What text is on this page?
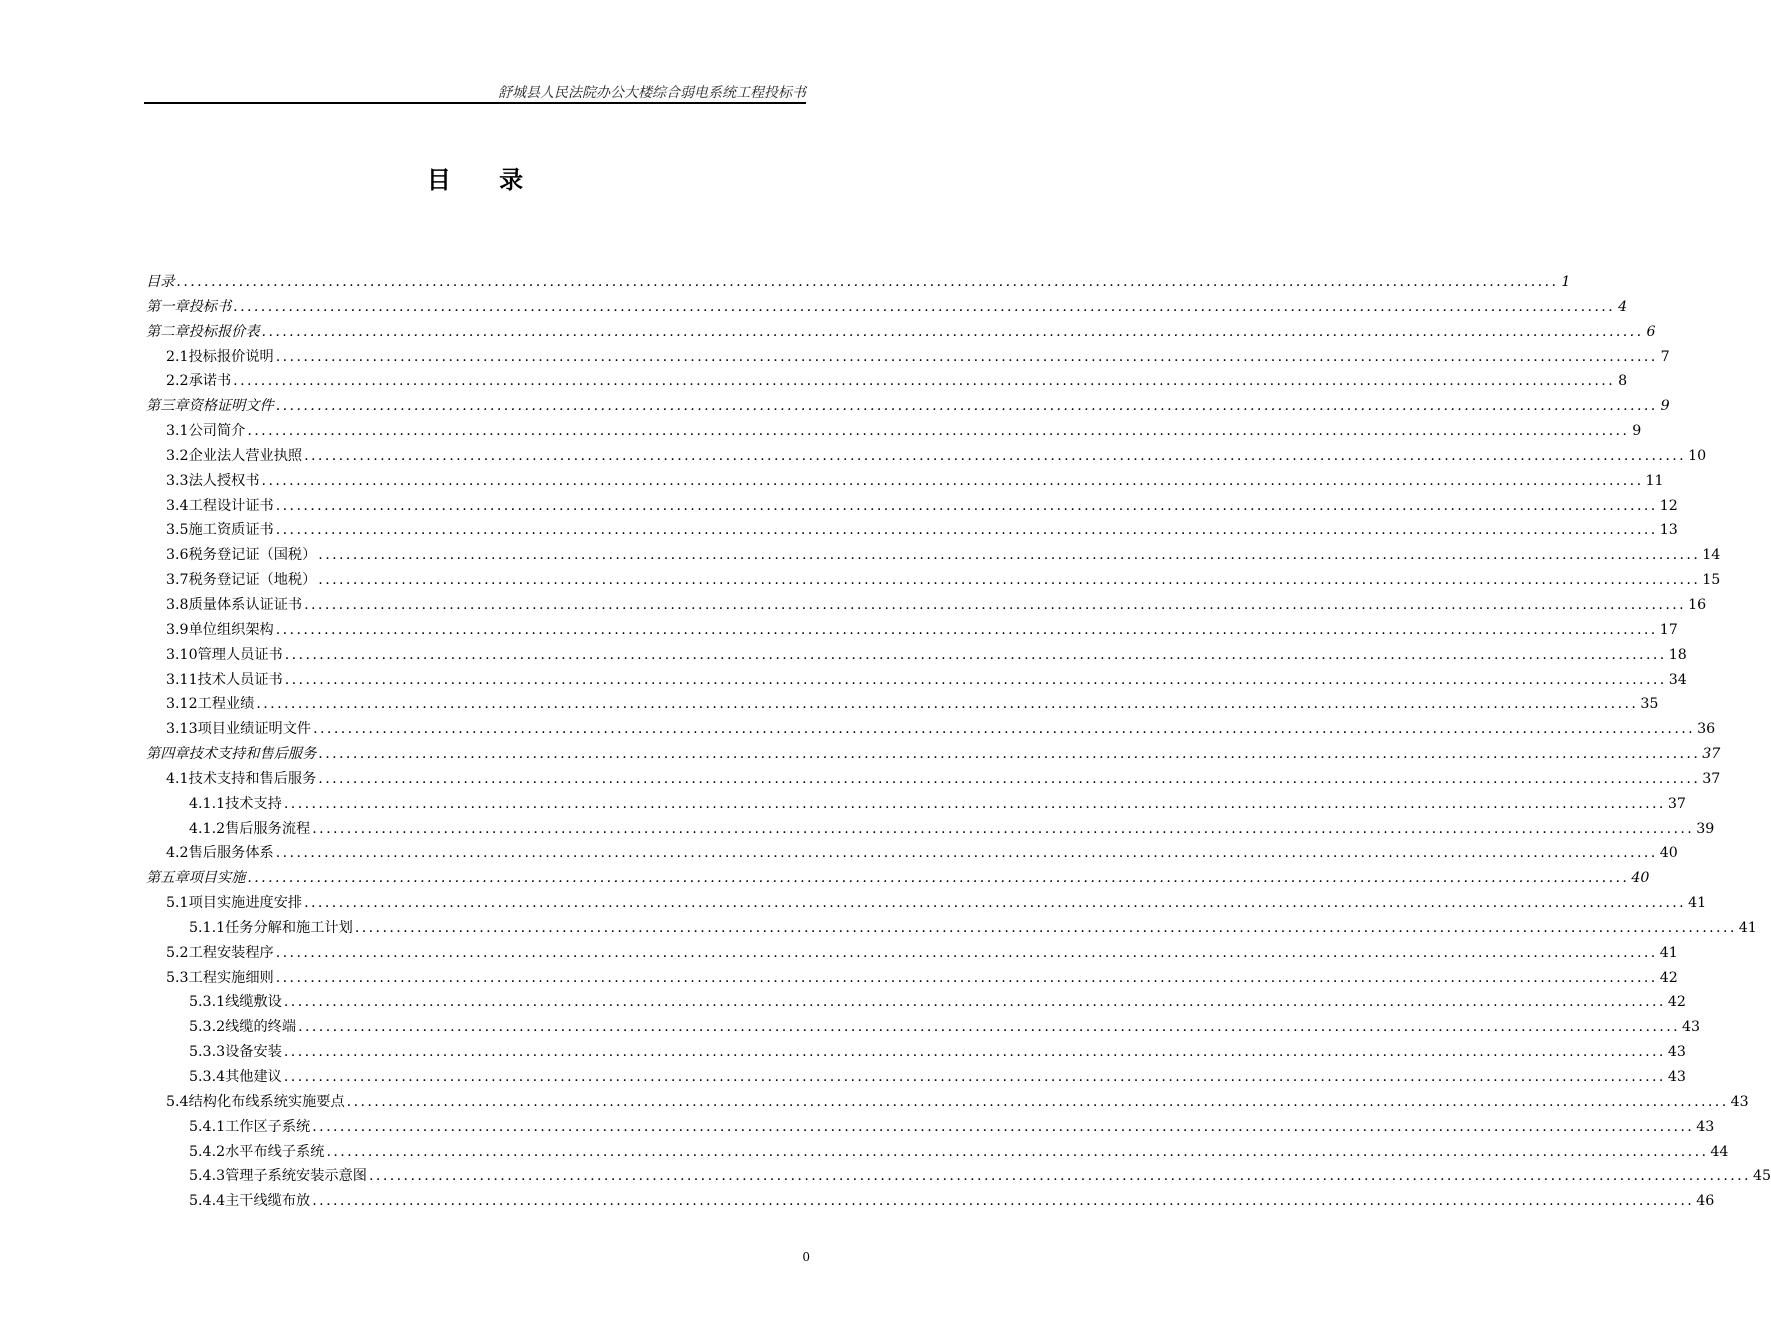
舒城县人民法院办公大楼综合弱电系统工程投标书
目 录
目 录 ........................................................................................................................................................................................................ 1
第一章 投标书 ........................................................................................................................................................................................................ 4
第二章 投标报价表 ........................................................................................................................................................................................................ 6
2.1 投标报价说明 ........................................................................................................................................................................................................ 7
2.2 承诺书 ........................................................................................................................................................................................................ 8
第三章 资格证明文件 ........................................................................................................................................................................................................ 9
3.1 公司简介 ........................................................................................................................................................................................................ 9
3.2 企业法人营业执照 ........................................................................................................................................................................................................ 10
3.3 法人授权书 ........................................................................................................................................................................................................ 11
3.4 工程设计证书 ........................................................................................................................................................................................................ 12
3.5 施工资质证书 ........................................................................................................................................................................................................ 13
3.6 税务登记证（国税） ........................................................................................................................................................................................................ 14
3.7 税务登记证（地税） ........................................................................................................................................................................................................ 15
3.8 质量体系认证证书 ........................................................................................................................................................................................................ 16
3.9 单位组织架构 ........................................................................................................................................................................................................ 17
3.10 管理人员证书 ........................................................................................................................................................................................................ 18
3.11 技术人员证书 ........................................................................................................................................................................................................ 34
3.12 工程业绩 ........................................................................................................................................................................................................ 35
3.13 项目业绩证明文件 ........................................................................................................................................................................................................ 36
第四章 技术支持和售后服务 ........................................................................................................................................................................................................ 37
4.1 技术支持和售后服务 ........................................................................................................................................................................................................ 37
4.1.1 技术支持 ........................................................................................................................................................................................................ 37
4.1.2 售后服务流程 ........................................................................................................................................................................................................ 39
4.2 售后服务体系 ........................................................................................................................................................................................................ 40
第五章 项目实施 ........................................................................................................................................................................................................ 40
5.1 项目实施进度安排 ........................................................................................................................................................................................................ 41
5.1.1 任务分解和施工计划 ........................................................................................................................................................................................................ 41
5.2 工程安装程序 ........................................................................................................................................................................................................ 41
5.3 工程实施细则 ........................................................................................................................................................................................................ 42
5.3.1 线缆敷设 ........................................................................................................................................................................................................ 42
5.3.2 线缆的终端 ........................................................................................................................................................................................................ 43
5.3.3 设备安装 ........................................................................................................................................................................................................ 43
5.3.4 其他建议 ........................................................................................................................................................................................................ 43
5.4 结构化布线系统实施要点 ........................................................................................................................................................................................................ 43
5.4.1 工作区子系统 ........................................................................................................................................................................................................ 43
5.4.2 水平布线子系统 ........................................................................................................................................................................................................ 44
5.4.3 管理子系统安装示意图 ........................................................................................................................................................................................................ 45
5.4.4 主干线缆布放 ........................................................................................................................................................................................................ 46
0
